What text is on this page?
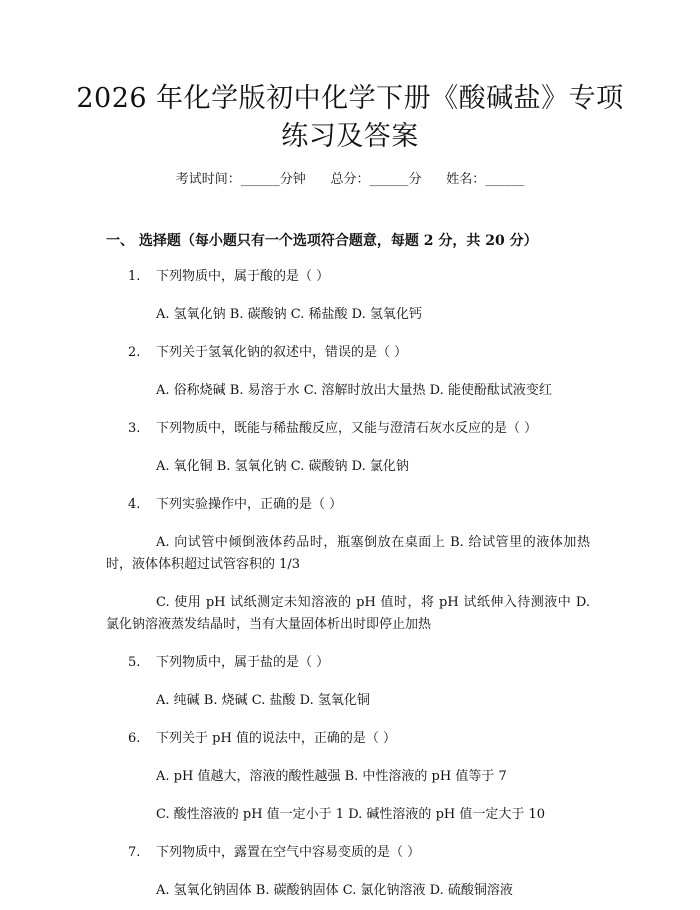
2026 年化学版初中化学下册《酸碱盐》专项
练习及答案
考试时间：______分钟      总分：______分      姓名：______
一、 选择题（每小题只有一个选项符合题意，每题 2 分，共 20 分）
1. 下列物质中，属于酸的是（ ）
A. 氢氧化钠 B. 碳酸钠 C. 稀盐酸 D. 氢氧化钙
2. 下列关于氢氧化钠的叙述中，错误的是（ ）
A. 俗称烧碱 B. 易溶于水 C. 溶解时放出大量热 D. 能使酚酞试液变红
3. 下列物质中，既能与稀盐酸反应，又能与澄清石灰水反应的是（ ）
A. 氧化铜 B. 氢氧化钠 C. 碳酸钠 D. 氯化钠
4. 下列实验操作中，正确的是（ ）
A. 向试管中倾倒液体药品时，瓶塞倒放在桌面上 B. 给试管里的液体加热时，液体体积超过试管容积的 1/3
C. 使用 pH 试纸测定未知溶液的 pH 值时，将 pH 试纸伸入待测液中 D. 氯化钠溶液蒸发结晶时，当有大量固体析出时即停止加热
5. 下列物质中，属于盐的是（ ）
A. 纯碱 B. 烧碱 C. 盐酸 D. 氢氧化铜
6. 下列关于 pH 值的说法中，正确的是（ ）
A. pH 值越大，溶液的酸性越强 B. 中性溶液的 pH 值等于 7
C. 酸性溶液的 pH 值一定小于 1 D. 碱性溶液的 pH 值一定大于 10
7. 下列物质中，露置在空气中容易变质的是（ ）
A. 氢氧化钠固体 B. 碳酸钠固体 C. 氯化钠溶液 D. 硫酸铜溶液
